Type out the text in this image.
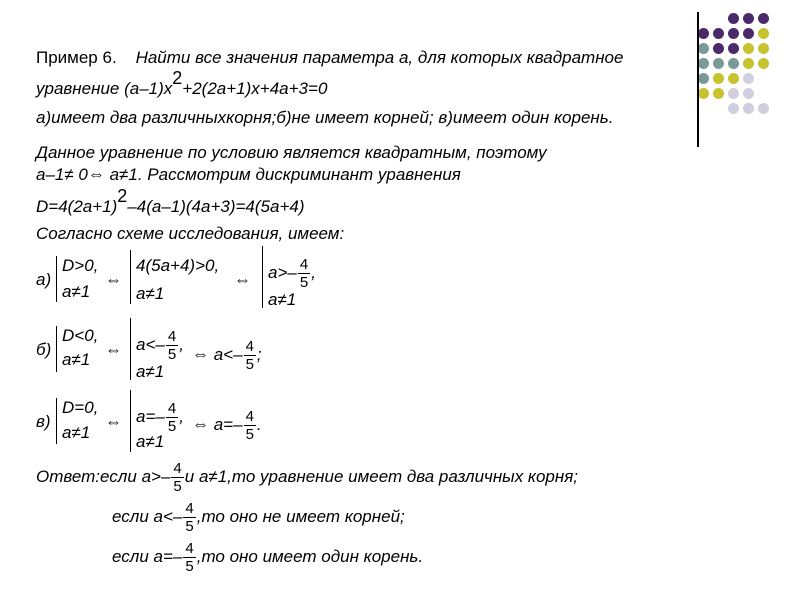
Пример 6. Найти все значения параметра а, для которых квадратное
уравнение (а–1)х2+2(2а+1)х+4а+3=0
а)имеет два различныхкорня;б)не имеет корней; в)имеет один корень.
Данное уравнение по условию является квадратным, поэтому
а–1≠ 0⇔ а≠1. Рассмотрим дискриминант уравнения
D=4(2a+1)2–4(a–1)(4a+3)=4(5a+4)
Согласно схеме исследования, имеем:
а)
D>0,
a≠1
⇔
4(5a+4)>0,
a≠1
⇔ $a>- \frac{4}{5}$ ,
a≠1
б)
D<0,
a≠1
⇔ $a<- \frac{4}{5}$ ,
a≠1
⇔ $a<- \frac{4}{5}$ ;
в)
D=0,
a≠1
⇔ $a=- \frac{4}{5}$ ,
a≠1
⇔ $a=- \frac{4}{5}$ .
Ответ:если $а>- \frac{4}{5}$ и а≠1,то уравнение имеет два различных корня;
если $а<- \frac{4}{5} ,то$ оно не имеет корней;
если $а=- \frac{4}{5} ,то$ оно имеет один корень.
